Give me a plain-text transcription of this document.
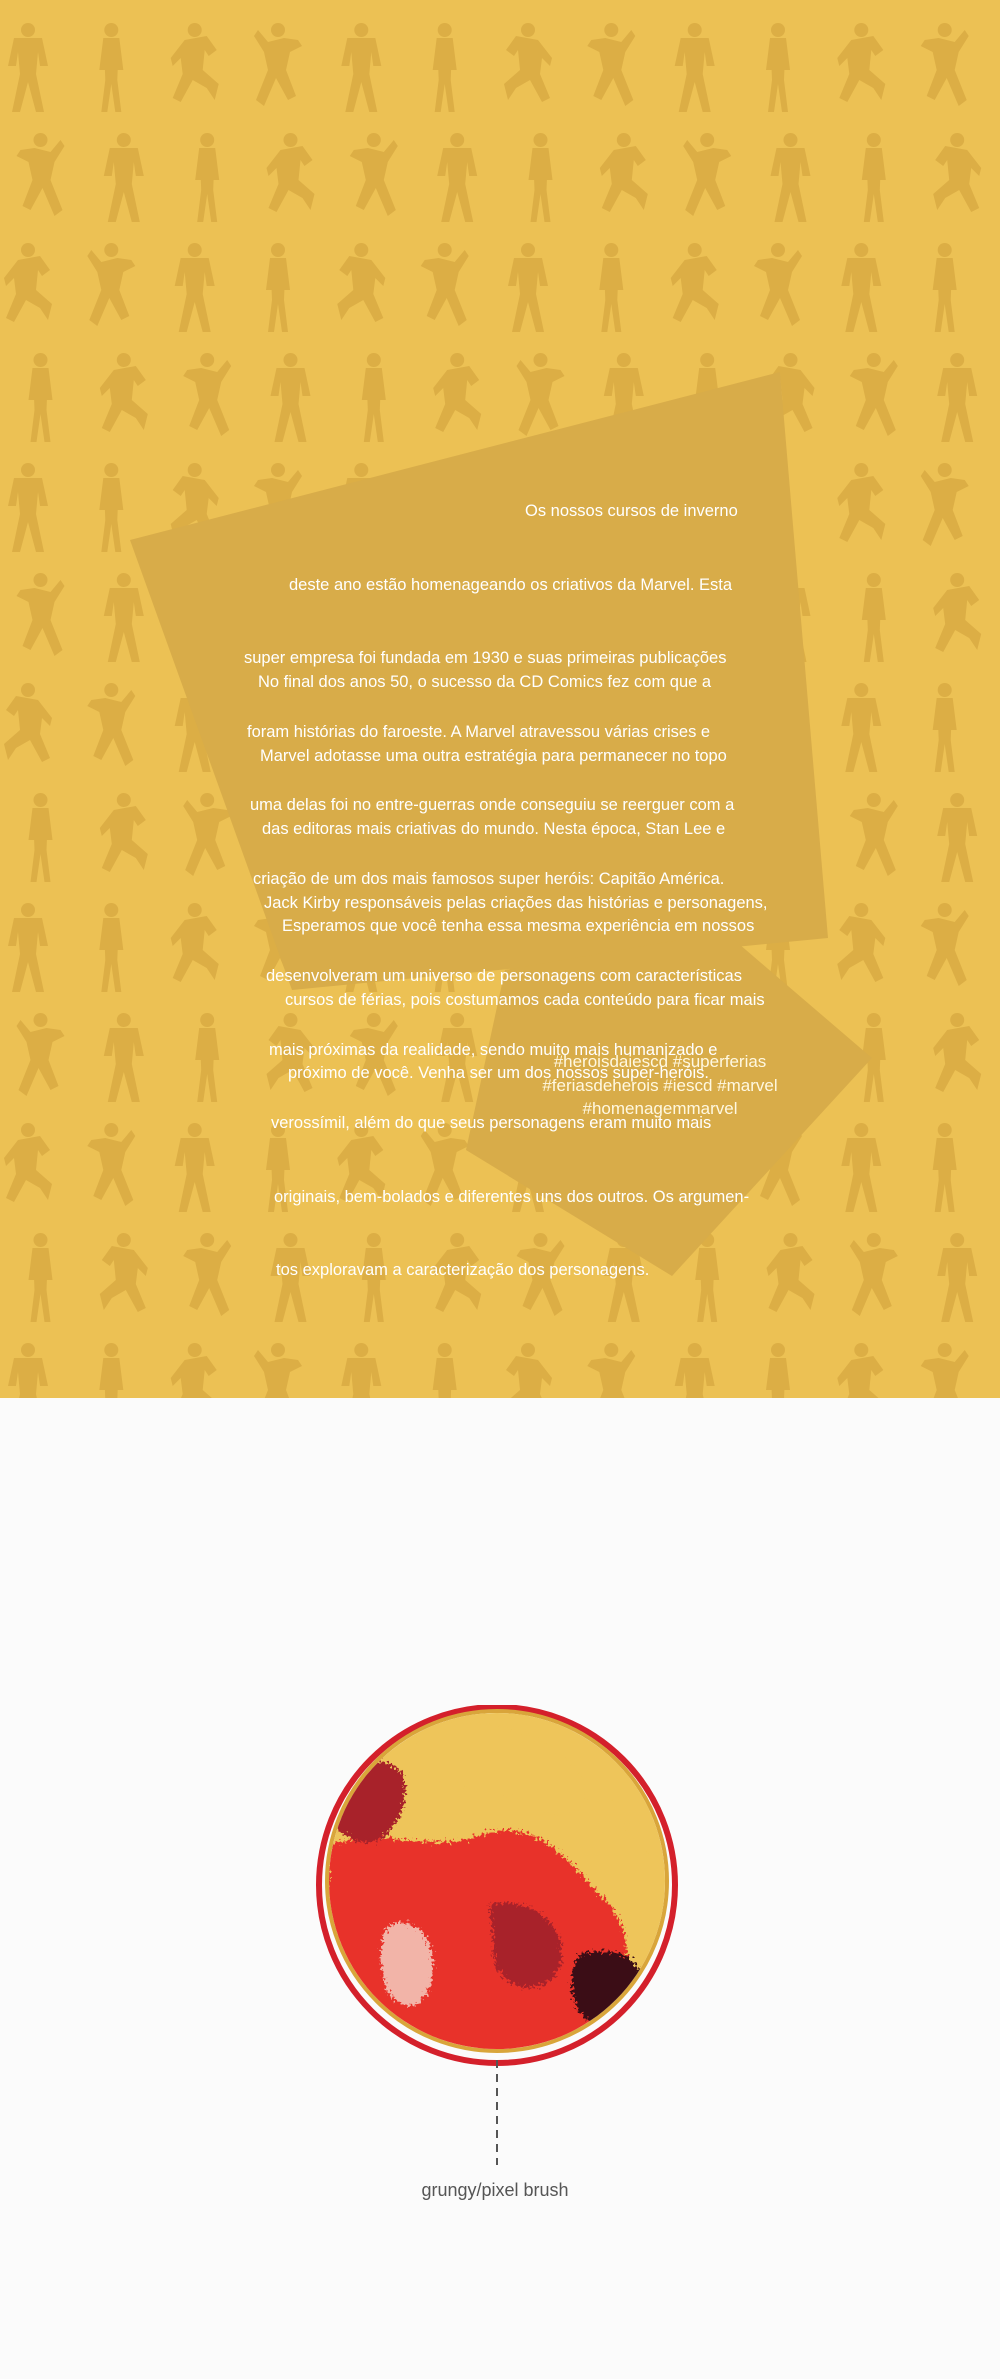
Os nossos cursos de inverno

deste ano estão homenageando os criativos da Marvel. Esta

super empresa foi fundada em 1930 e suas primeiras publicações

foram histórias do faroeste. A Marvel atravessou várias crises e

uma delas foi no entre-guerras onde conseguiu se reerguer com a

criação de um dos mais famosos super heróis: Capitão América.

No final dos anos 50, o sucesso da CD Comics fez com que a

Marvel adotasse uma outra estratégia para permanecer no topo

das editoras mais criativas do mundo. Nesta época, Stan Lee e

Jack Kirby responsáveis pelas criações das histórias e personagens,

desenvolveram um universo de personagens com características

mais próximas da realidade, sendo muito mais humanizado e

verossímil, além do que seus personagens eram muito mais

originais, bem-bolados e diferentes uns dos outros. Os argumen-

tos exploravam a caracterização dos personagens.

Esperamos que você tenha essa mesma experiência em nossos

cursos de férias, pois costumamos cada conteúdo para ficar mais

próximo de você. Venha ser um dos nossos super-heróis.

#heroisdaiescd #superferias
#feriasdeherois #iescd #marvel
#homenagemmarvel
grungy/pixel brush
